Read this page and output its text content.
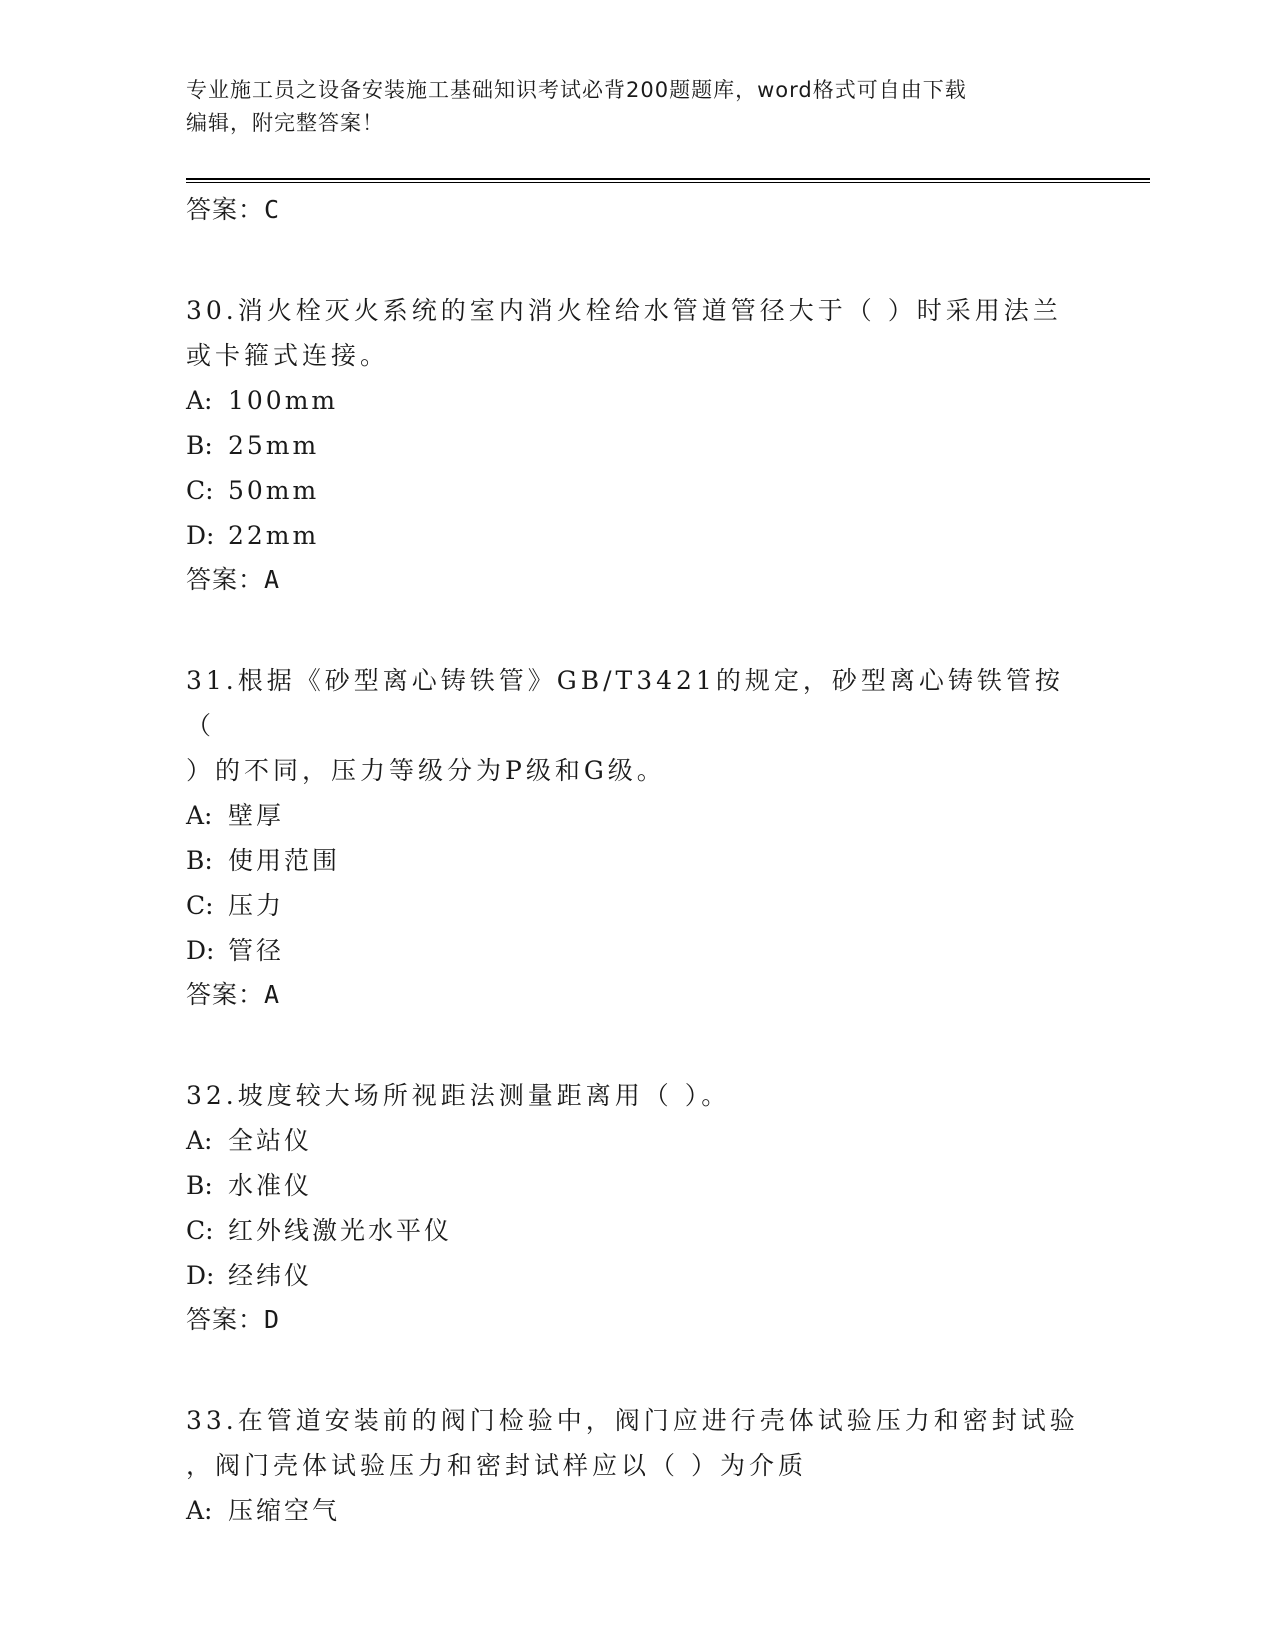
专业施工员之设备安装施工基础知识考试必背200题题库，word格式可自由下载
编辑，附完整答案！

答案：C

30.消火栓灭火系统的室内消火栓给水管道管径大于（ ）时采用法兰

或卡箍式连接。

A: 100mm

B: 25mm

C: 50mm

D: 22mm

答案：A

31.根据《砂型离心铸铁管》GB/T3421的规定，砂型离心铸铁管按（

）的不同，压力等级分为P级和G级。

A: 壁厚

B: 使用范围

C: 压力

D: 管径

答案：A

32.坡度较大场所视距法测量距离用（ ）。

A: 全站仪

B: 水准仪

C: 红外线激光水平仪

D: 经纬仪

答案：D

33.在管道安装前的阀门检验中，阀门应进行壳体试验压力和密封试验

，阀门壳体试验压力和密封试样应以（ ）为介质

A: 压缩空气
